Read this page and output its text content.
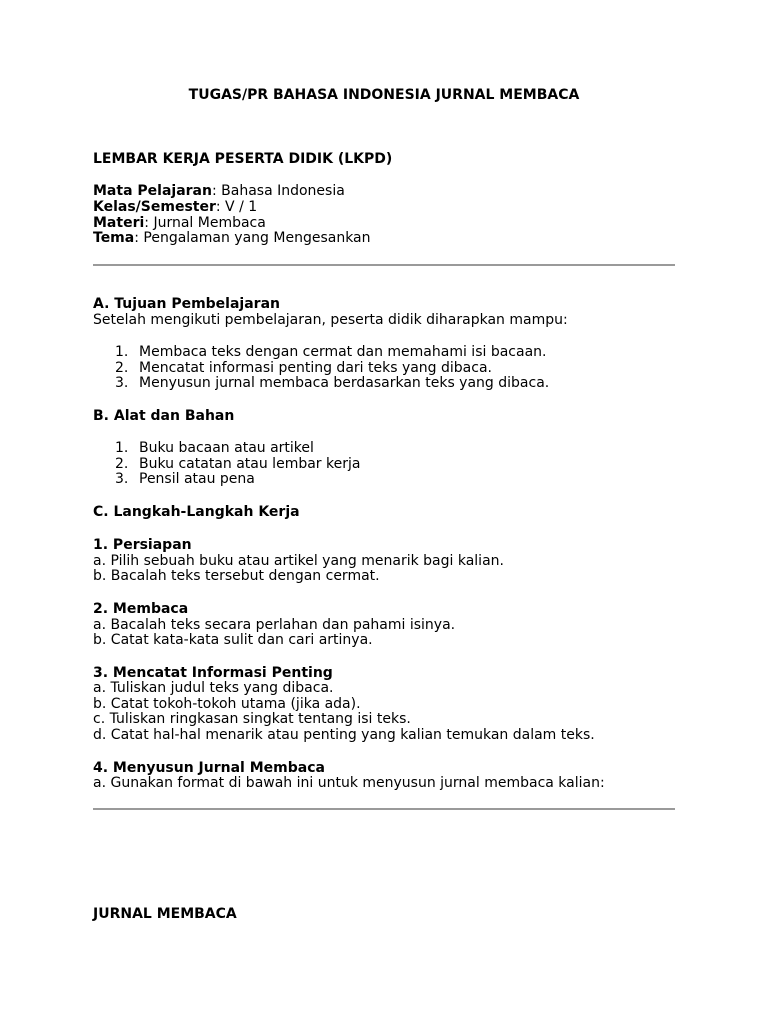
TUGAS/PR BAHASA INDONESIA JURNAL MEMBACA
LEMBAR KERJA PESERTA DIDIK (LKPD)
Mata Pelajaran: Bahasa Indonesia
Kelas/Semester: V / 1
Materi: Jurnal Membaca
Tema: Pengalaman yang Mengesankan
A. Tujuan Pembelajaran
Setelah mengikuti pembelajaran, peserta didik diharapkan mampu:
1. Membaca teks dengan cermat dan memahami isi bacaan.
2. Mencatat informasi penting dari teks yang dibaca.
3. Menyusun jurnal membaca berdasarkan teks yang dibaca.
B. Alat dan Bahan
1. Buku bacaan atau artikel
2. Buku catatan atau lembar kerja
3. Pensil atau pena
C. Langkah-Langkah Kerja
1. Persiapan
a. Pilih sebuah buku atau artikel yang menarik bagi kalian.
b. Bacalah teks tersebut dengan cermat.
2. Membaca
a. Bacalah teks secara perlahan dan pahami isinya.
b. Catat kata-kata sulit dan cari artinya.
3. Mencatat Informasi Penting
a. Tuliskan judul teks yang dibaca.
b. Catat tokoh-tokoh utama (jika ada).
c. Tuliskan ringkasan singkat tentang isi teks.
d. Catat hal-hal menarik atau penting yang kalian temukan dalam teks.
4. Menyusun Jurnal Membaca
a. Gunakan format di bawah ini untuk menyusun jurnal membaca kalian:
JURNAL MEMBACA
